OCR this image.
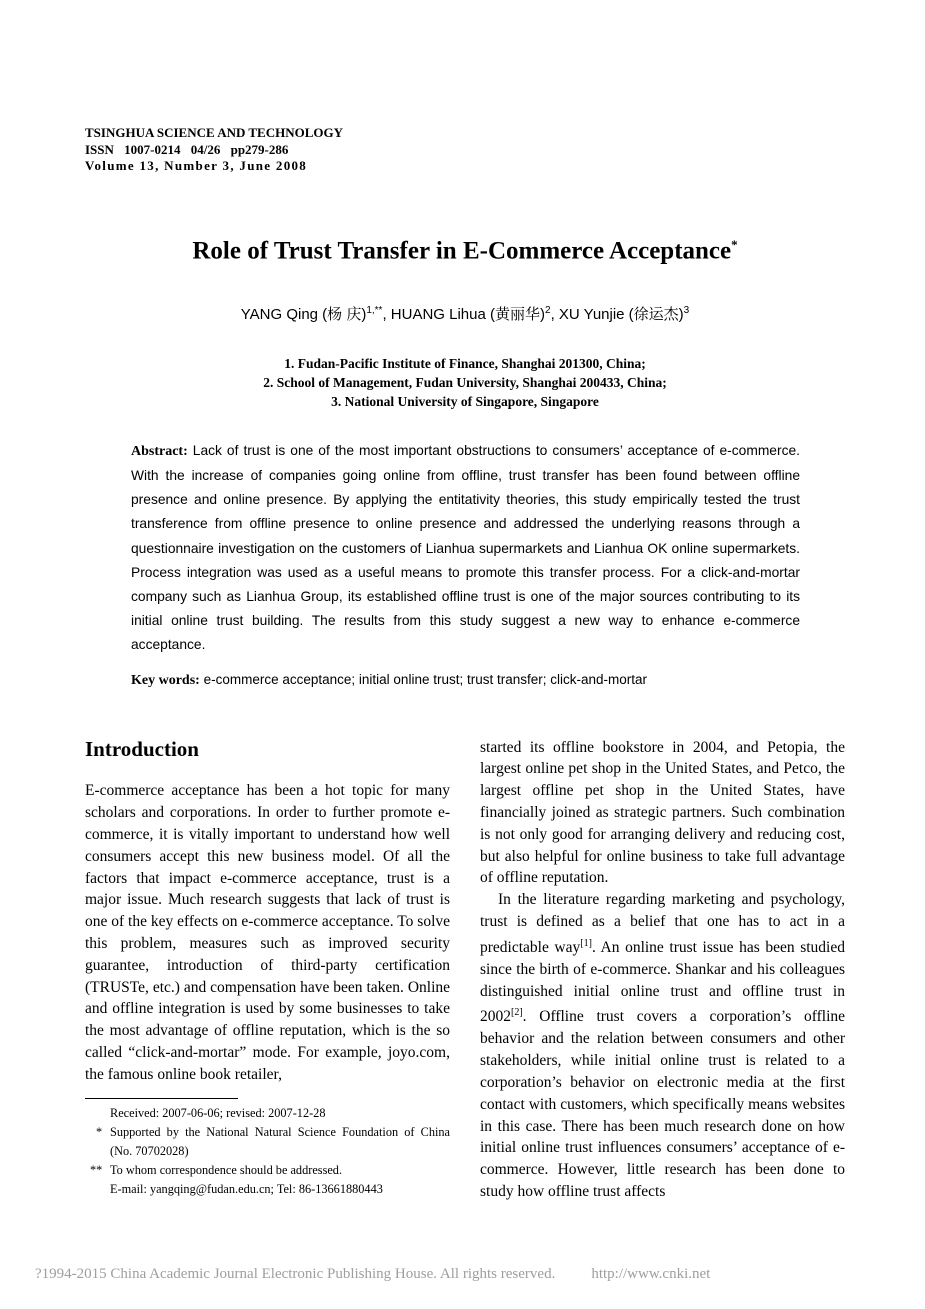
TSINGHUA SCIENCE AND TECHNOLOGY
ISSN 1007-0214 04/26 pp279-286
Volume 13, Number 3, June 2008
Role of Trust Transfer in E-Commerce Acceptance*
YANG Qing (杨 庆)$^{1,**}$, HUANG Lihua (黄丽华)$^2$, XU Yunjie (徐运杰)$^3$
1. Fudan-Pacific Institute of Finance, Shanghai 201300, China;
2. School of Management, Fudan University, Shanghai 200433, China;
3. National University of Singapore, Singapore
Abstract: Lack of trust is one of the most important obstructions to consumers’ acceptance of e-commerce. With the increase of companies going online from offline, trust transfer has been found between offline presence and online presence. By applying the entitativity theories, this study empirically tested the trust transference from offline presence to online presence and addressed the underlying reasons through a questionnaire investigation on the customers of Lianhua supermarkets and Lianhua OK online supermarkets. Process integration was used as a useful means to promote this transfer process. For a click-and-mortar company such as Lianhua Group, its established offline trust is one of the major sources contributing to its initial online trust building. The results from this study suggest a new way to enhance e-commerce acceptance.
Key words: e-commerce acceptance; initial online trust; trust transfer; click-and-mortar
Introduction

E-commerce acceptance has been a hot topic for many scholars and corporations. In order to further promote e-commerce, it is vitally important to understand how well consumers accept this new business model. Of all the factors that impact e-commerce acceptance, trust is a major issue. Much research suggests that lack of trust is one of the key effects on e-commerce acceptance. To solve this problem, measures such as improved security guarantee, introduction of third-party certification (TRUSTe, etc.) and compensation have been taken. Online and offline integration is used by some businesses to take the most advantage of offline reputation, which is the so called “click-and-mortar” mode. For example, joyo.com, the famous online book retailer,

Received: 2007-06-06; revised: 2007-12-28
* Supported by the National Natural Science Foundation of China (No. 70702028)
** To whom correspondence should be addressed.
E-mail: yangqing@fudan.edu.cn; Tel: 86-13661880443

started its offline bookstore in 2004, and Petopia, the largest online pet shop in the United States, and Petco, the largest offline pet shop in the United States, have financially joined as strategic partners. Such combination is not only good for arranging delivery and reducing cost, but also helpful for online business to take full advantage of offline reputation.

In the literature regarding marketing and psychology, trust is defined as a belief that one has to act in a predictable way[1]. An online trust issue has been studied since the birth of e-commerce. Shankar and his colleagues distinguished initial online trust and offline trust in 2002[2]. Offline trust covers a corporation’s offline behavior and the relation between consumers and other stakeholders, while initial online trust is related to a corporation’s behavior on electronic media at the first contact with customers, which specifically means websites in this case. There has been much research done on how initial online trust influences consumers’ acceptance of e-commerce. However, little research has been done to study how offline trust affects

?1994-2015 China Academic Journal Electronic Publishing House. All rights reserved. http://www.cnki.net
